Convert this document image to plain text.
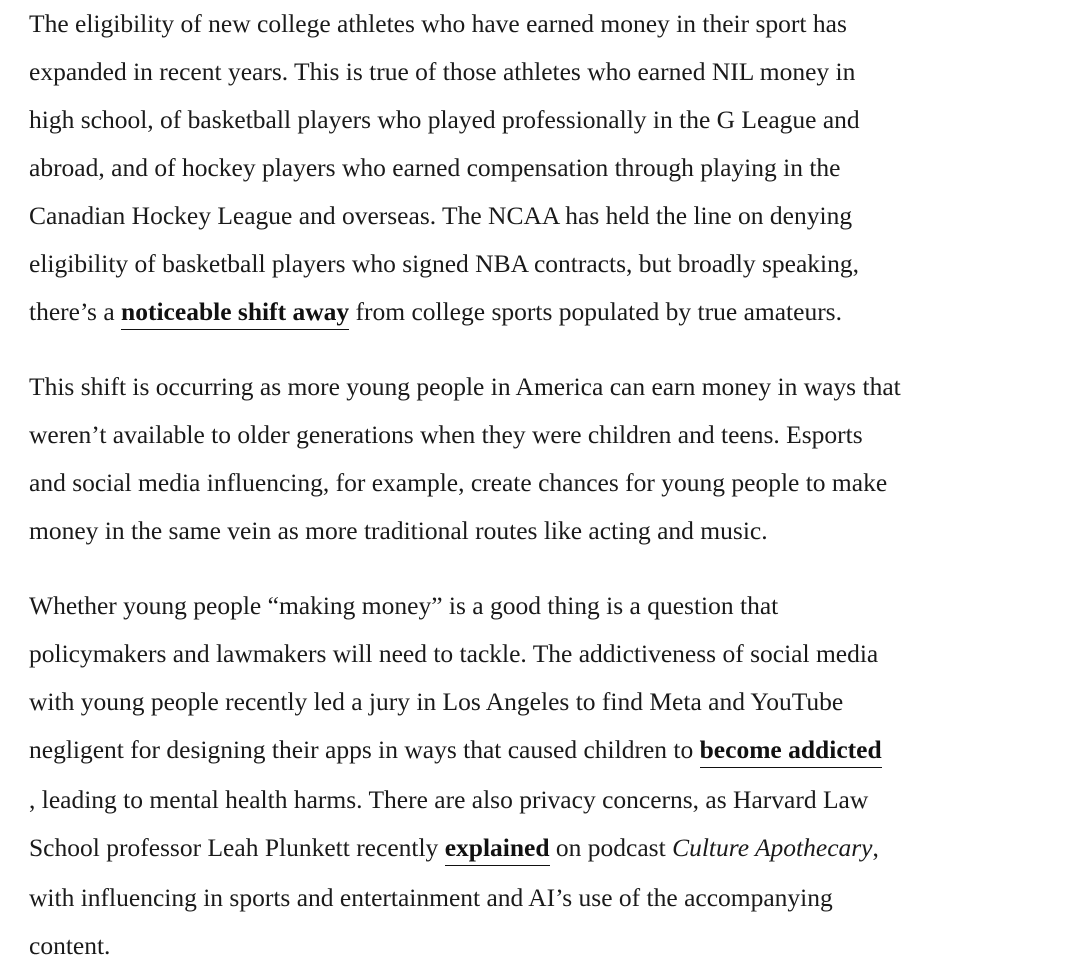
The eligibility of new college athletes who have earned money in their sport has
expanded in recent years. This is true of those athletes who earned NIL money in
high school, of basketball players who played professionally in the G League and
abroad, and of hockey players who earned compensation through playing in the
Canadian Hockey League and overseas. The NCAA has held the line on denying
eligibility of basketball players who signed NBA contracts, but broadly speaking,
there’s a noticeable shift away from college sports populated by true amateurs.
This shift is occurring as more young people in America can earn money in ways that
weren’t available to older generations when they were children and teens. Esports
and social media influencing, for example, create chances for young people to make
money in the same vein as more traditional routes like acting and music.
Whether young people “making money” is a good thing is a question that
policymakers and lawmakers will need to tackle. The addictiveness of social media
with young people recently led a jury in Los Angeles to find Meta and YouTube
negligent for designing their apps in ways that caused children to become addicted
, leading to mental health harms. There are also privacy concerns, as Harvard Law
School professor Leah Plunkett recently explained on podcast Culture Apothecary,
with influencing in sports and entertainment and AI’s use of the accompanying
content.
